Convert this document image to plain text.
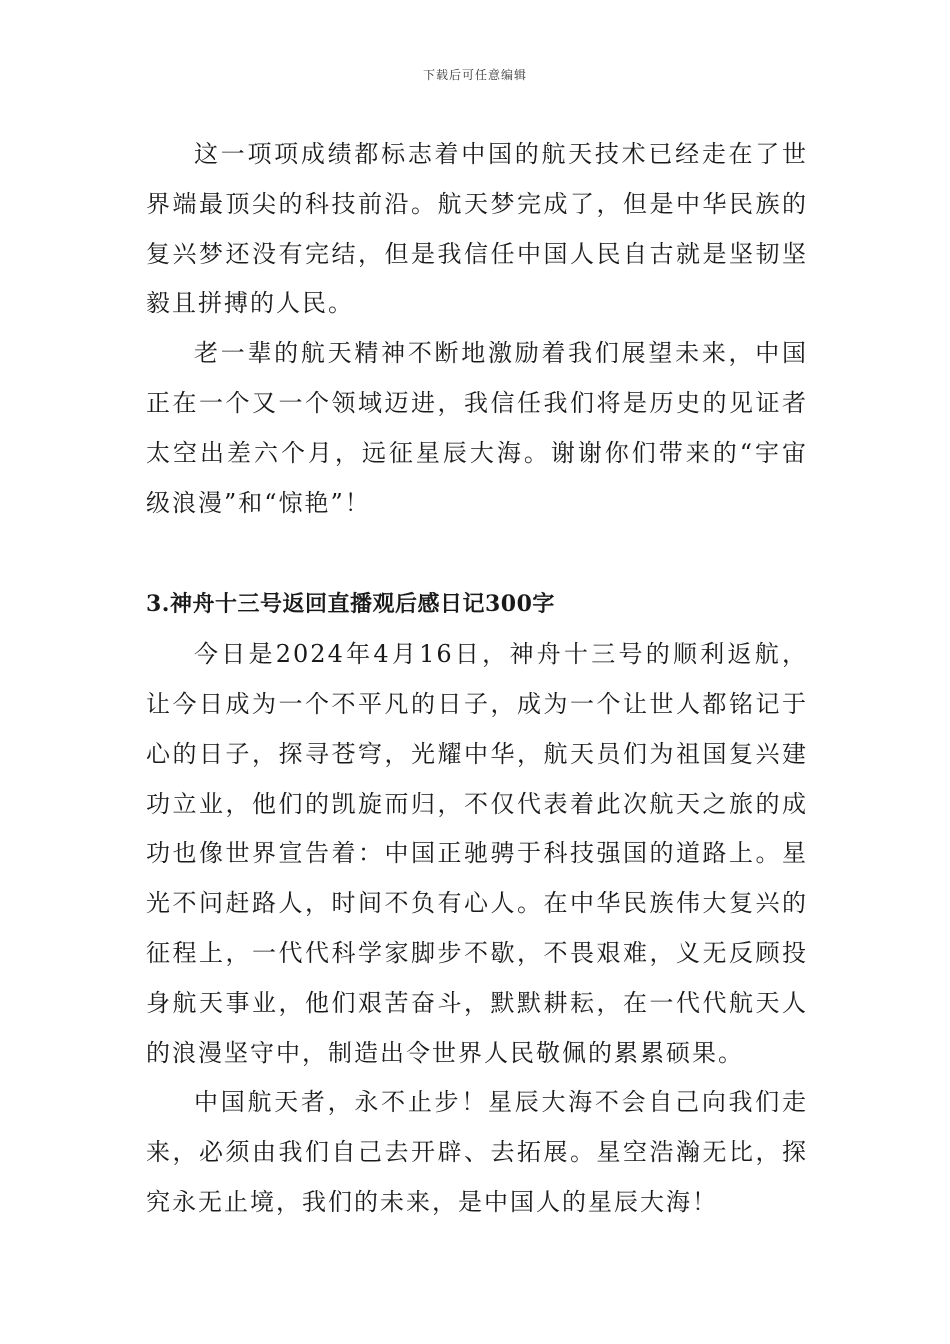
下载后可任意编辑

这一项项成绩都标志着中国的航天技术已经走在了世界端最顶尖的科技前沿。航天梦完成了，但是中华民族的复兴梦还没有完结，但是我信任中国人民自古就是坚韧坚毅且拼搏的人民。

老一辈的航天精神不断地激励着我们展望未来，中国正在一个又一个领域迈进，我信任我们将是历史的见证者太空出差六个月，远征星辰大海。谢谢你们带来的“宇宙级浪漫”和“惊艳”！

3.神舟十三号返回直播观后感日记300字

今日是2024年4月16日，神舟十三号的顺利返航，让今日成为一个不平凡的日子，成为一个让世人都铭记于心的日子，探寻苍穹，光耀中华，航天员们为祖国复兴建功立业，他们的凯旋而归，不仅代表着此次航天之旅的成功也像世界宣告着：中国正驰骋于科技强国的道路上。星光不问赶路人，时间不负有心人。在中华民族伟大复兴的征程上，一代代科学家脚步不歇，不畏艰难，义无反顾投身航天事业，他们艰苦奋斗，默默耕耘，在一代代航天人的浪漫坚守中，制造出令世界人民敬佩的累累硕果。

中国航天者，永不止步！星辰大海不会自己向我们走来，必须由我们自己去开辟、去拓展。星空浩瀚无比，探究永无止境，我们的未来，是中国人的星辰大海！
